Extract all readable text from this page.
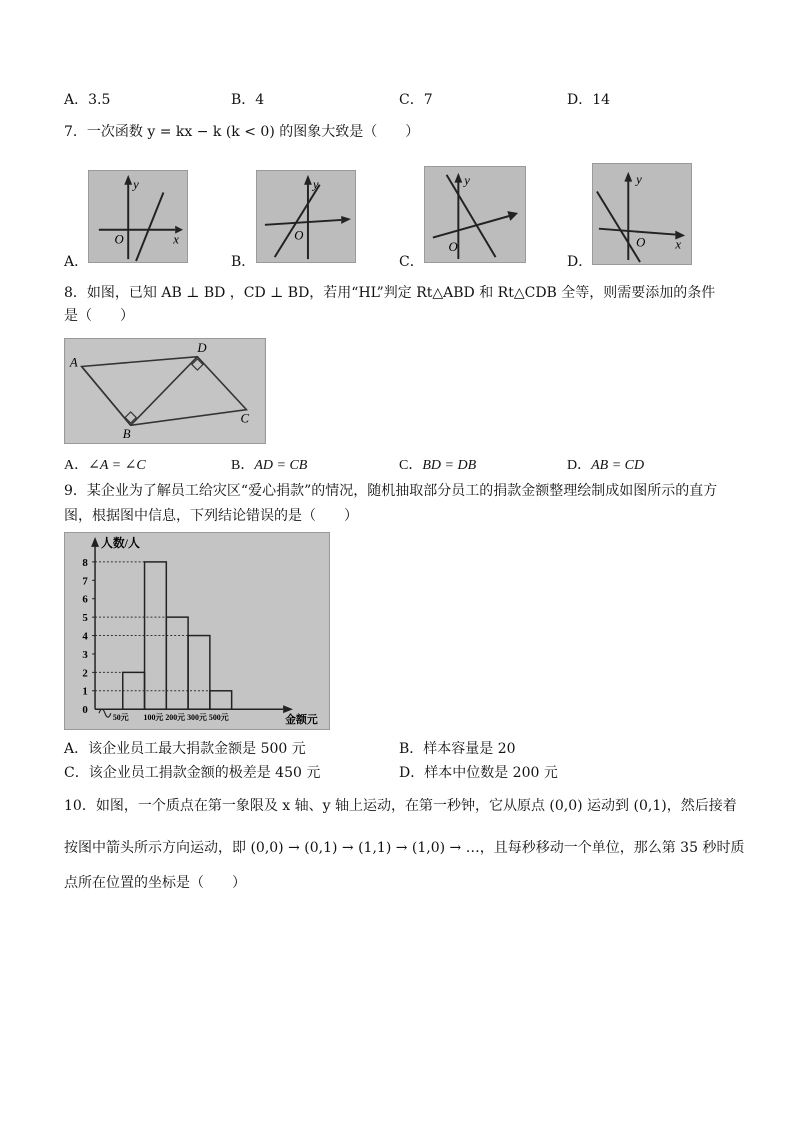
A．3.5	B．4	C．7	D．14
7．一次函数 y = kx − k (k < 0) 的图象大致是（　　）
y
x
O
A．
y
O
B．
y
O
C．
y
x
O
D．
8．如图，已知 AB ⊥ BD ，CD ⊥ BD，若用“HL”判定 Rt△ABD 和 Rt△CDB 全等，则需要添加的条件
是（　　）
A
D
C
B
A．∠A = ∠C	B．AD = CB	C．BD = DB	D．AB = CD
9．某企业为了解员工给灾区“爱心捐款”的情况，随机抽取部分员工的捐款金额整理绘制成如图所示的直方
图，根据图中信息，下列结论错误的是（　　）
0
1
2
3
4
5
6
7
8
50元 100元 200元 300元 500元
人数/人
金额元
A．该企业员工最大捐款金额是 500 元	B．样本容量是 20
C．该企业员工捐款金额的极差是 450 元	D．样本中位数是 200 元
10．如图，一个质点在第一象限及 x 轴、y 轴上运动，在第一秒钟，它从原点 (0,0) 运动到 (0,1)，然后接着
按图中箭头所示方向运动，即 (0,0) → (0,1) → (1,1) → (1,0) → …，且每秒移动一个单位，那么第 35 秒时质
点所在位置的坐标是（　　）
